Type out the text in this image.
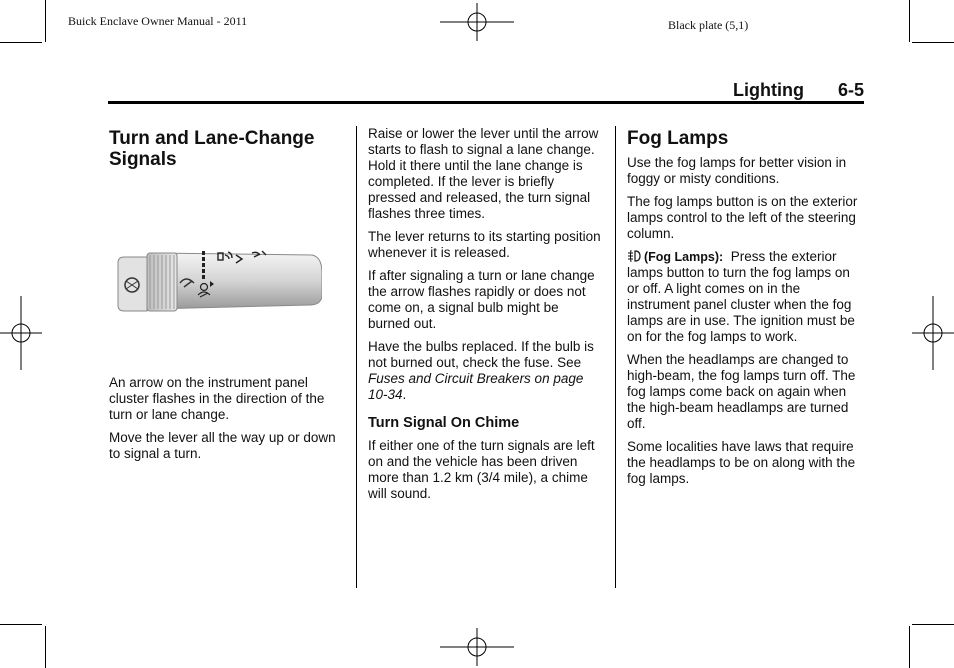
Buick Enclave Owner Manual - 2011	Black plate (5,1)
Lighting 6-5
Turn and Lane-Change Signals

An arrow on the instrument panel cluster flashes in the direction of the turn or lane change.

Move the lever all the way up or down to signal a turn.

Raise or lower the lever until the arrow starts to flash to signal a lane change. Hold it there until the lane change is completed. If the lever is briefly pressed and released, the turn signal flashes three times.

The lever returns to its starting position whenever it is released.

If after signaling a turn or lane change the arrow flashes rapidly or does not come on, a signal bulb might be burned out.

Have the bulbs replaced. If the bulb is not burned out, check the fuse. See Fuses and Circuit Breakers on page 10-34.

Turn Signal On Chime

If either one of the turn signals are left on and the vehicle has been driven more than 1.2 km (3/4 mile), a chime will sound.

Fog Lamps

Use the fog lamps for better vision in foggy or misty conditions.

The fog lamps button is on the exterior lamps control to the left of the steering column.

(Fog Lamps): Press the exterior lamps button to turn the fog lamps on or off. A light comes on in the instrument panel cluster when the fog lamps are in use. The ignition must be on for the fog lamps to work.

When the headlamps are changed to high-beam, the fog lamps turn off. The fog lamps come back on again when the high-beam headlamps are turned off.

Some localities have laws that require the headlamps to be on along with the fog lamps.
